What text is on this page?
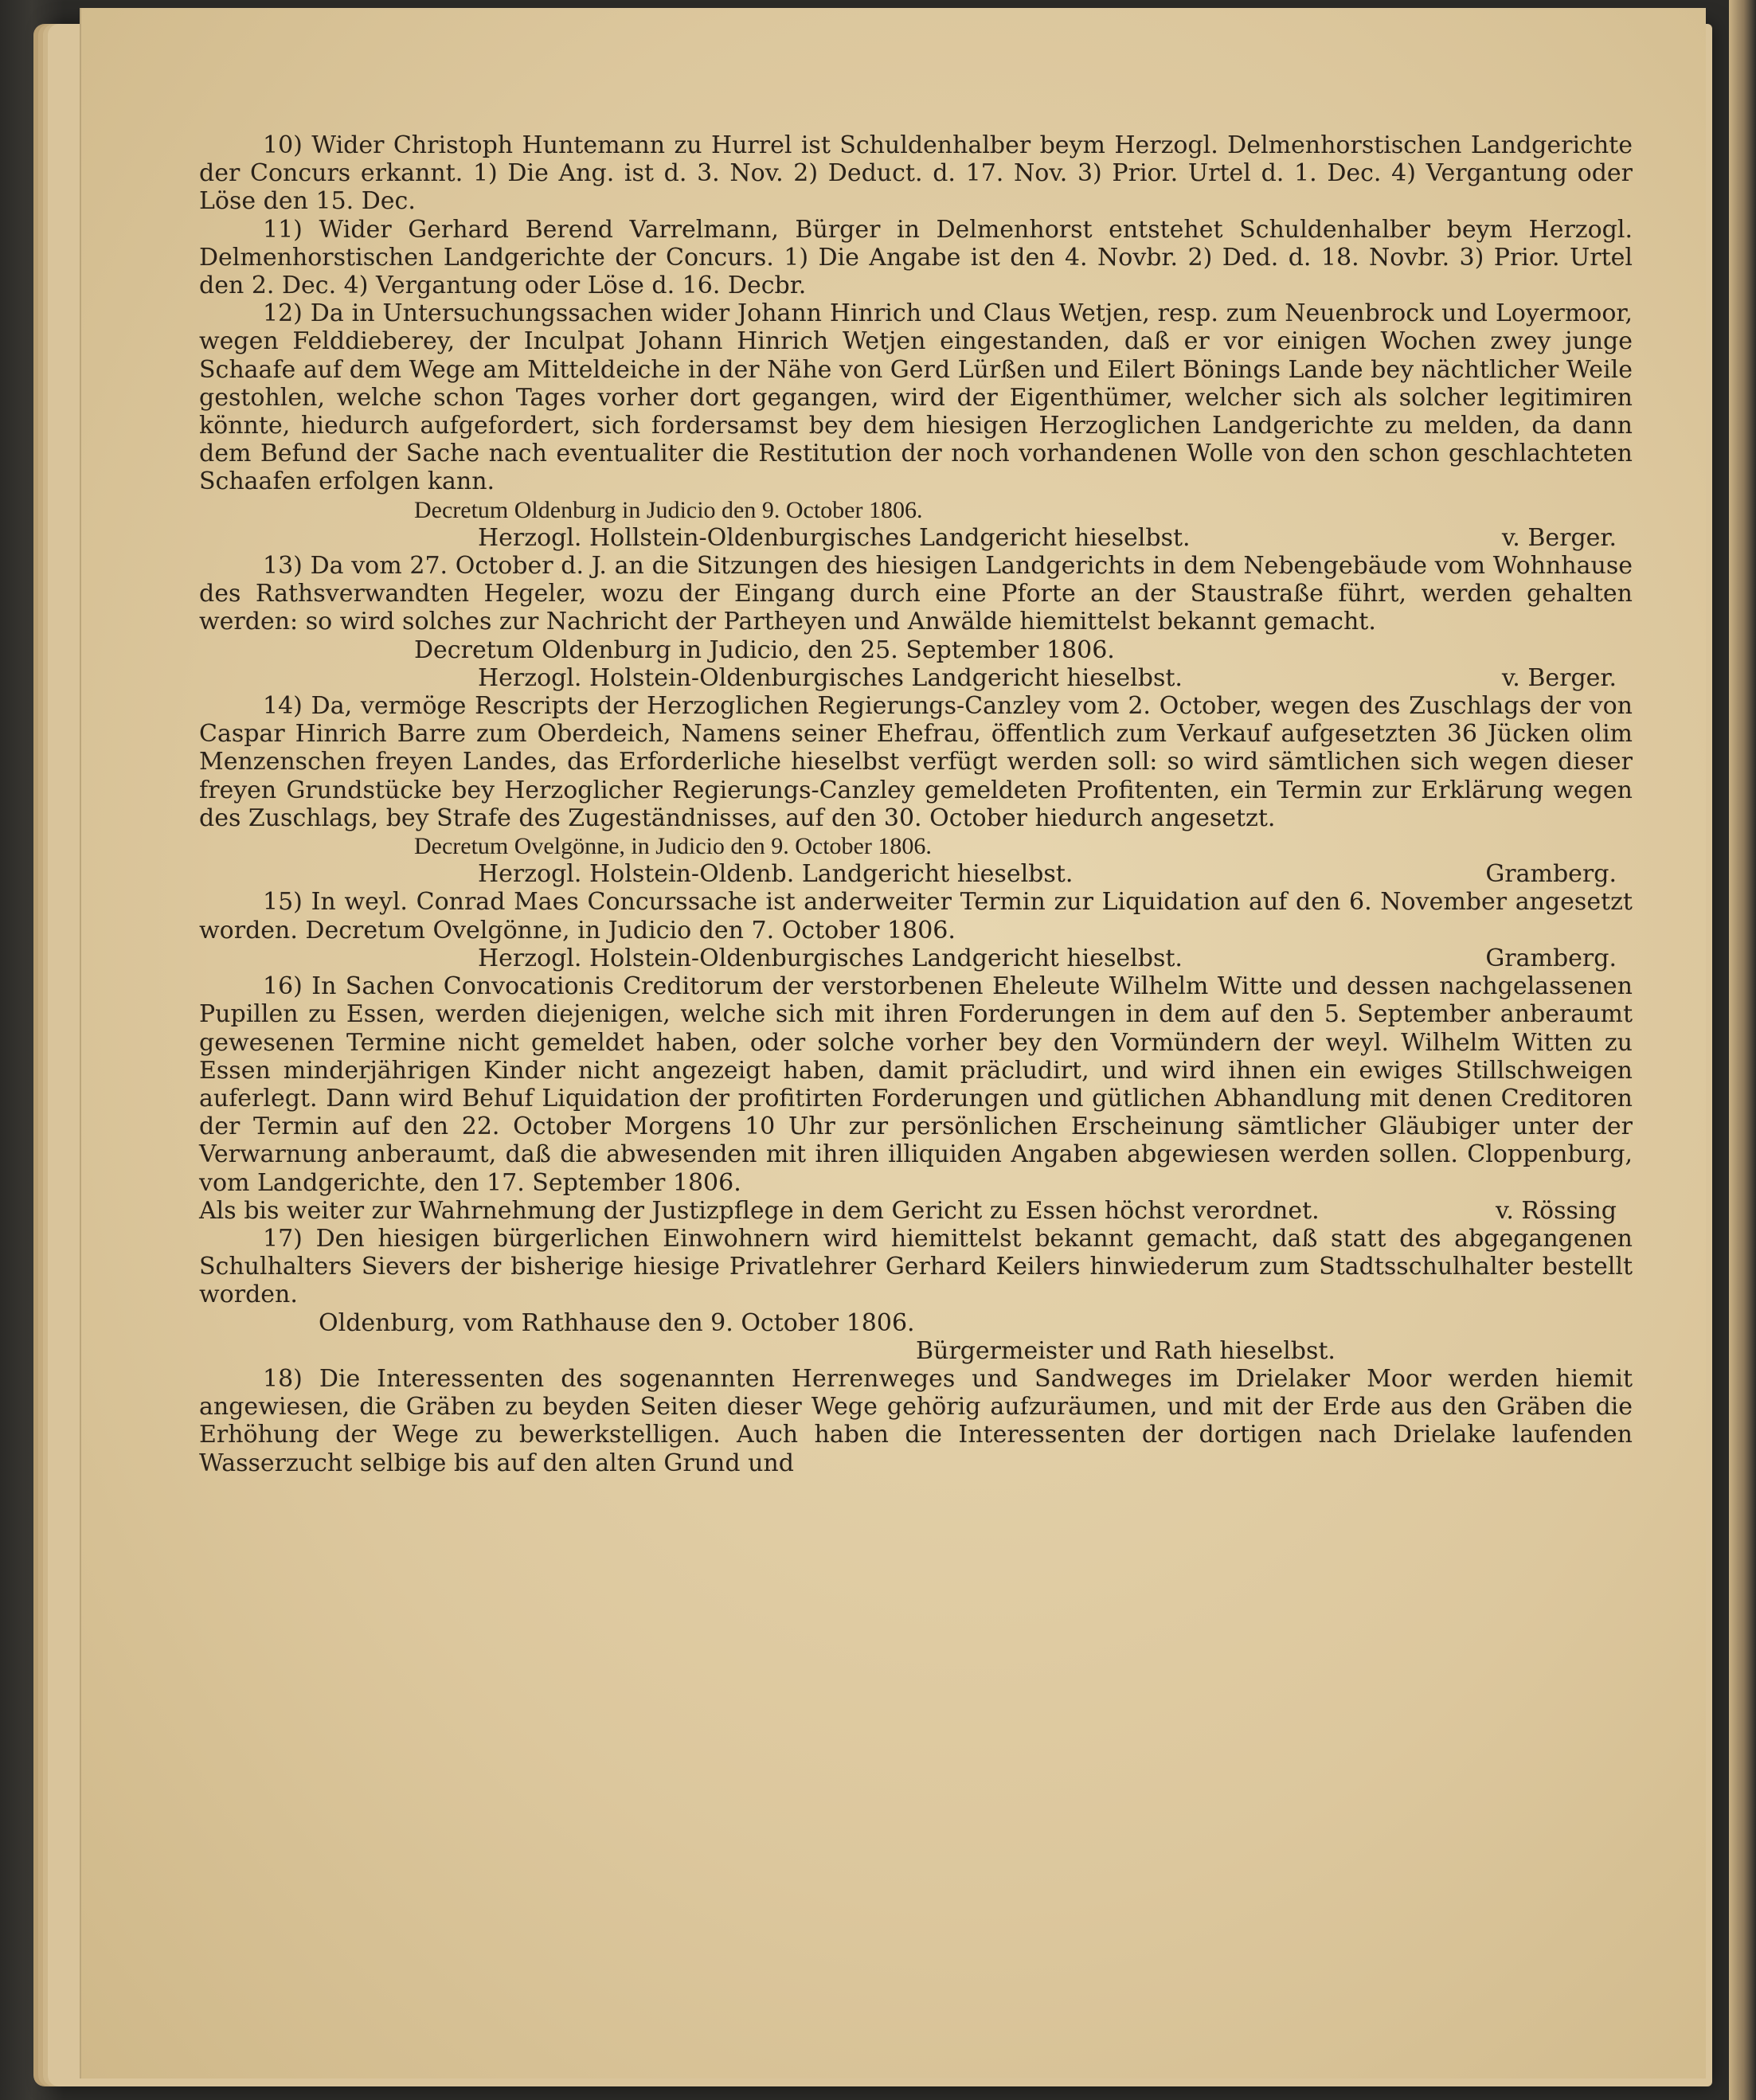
10) Wider Christoph Huntemann zu Hurrel ist Schuldenhalber beym Herzogl. Delmenhorstischen Landgerichte der Concurs erkannt. 1) Die Ang. ist d. 3. Nov. 2) Deduct. d. 17. Nov. 3) Prior. Urtel d. 1. Dec. 4) Vergantung oder Löse den 15. Dec.

11) Wider Gerhard Berend Varrelmann, Bürger in Delmenhorst entstehet Schuldenhalber beym Herzogl. Delmenhorstischen Landgerichte der Concurs. 1) Die Angabe ist den 4. Novbr. 2) Ded. d. 18. Novbr. 3) Prior. Urtel den 2. Dec. 4) Vergantung oder Löse d. 16. Decbr.

12) Da in Untersuchungssachen wider Johann Hinrich und Claus Wetjen, resp. zum Neuenbrock und Loyermoor, wegen Felddieberey, der Inculpat Johann Hinrich Wetjen eingestanden, daß er vor einigen Wochen zwey junge Schaafe auf dem Wege am Mitteldeiche in der Nähe von Gerd Lürßen und Eilert Bönings Lande bey nächtlicher Weile gestohlen, welche schon Tages vorher dort gegangen, wird der Eigenthümer, welcher sich als solcher legitimiren könnte, hiedurch aufgefordert, sich fordersamst bey dem hiesigen Herzoglichen Landgerichte zu melden, da dann dem Befund der Sache nach eventualiter die Restitution der noch vorhandenen Wolle von den schon geschlachteten Schaafen erfolgen kann.

Decretum Oldenburg in Judicio den 9. October 1806.

Herzogl. Hollstein-Oldenburgisches Landgericht hieselbst.	v. Berger.

13) Da vom 27. October d. J. an die Sitzungen des hiesigen Landgerichts in dem Nebengebäude vom Wohnhause des Rathsverwandten Hegeler, wozu der Eingang durch eine Pforte an der Staustraße führt, werden gehalten werden: so wird solches zur Nachricht der Partheyen und Anwälde hiemittelst bekannt gemacht.

Decretum Oldenburg in Judicio, den 25. September 1806.

Herzogl. Holstein-Oldenburgisches Landgericht hieselbst.	v. Berger.

14) Da, vermöge Rescripts der Herzoglichen Regierungs-Canzley vom 2. October, wegen des Zuschlags der von Caspar Hinrich Barre zum Oberdeich, Namens seiner Ehefrau, öffentlich zum Verkauf aufgesetzten 36 Jücken olim Menzenschen freyen Landes, das Erforderliche hieselbst verfügt werden soll: so wird sämtlichen sich wegen dieser freyen Grundstücke bey Herzoglicher Regierungs-Canzley gemeldeten Profitenten, ein Termin zur Erklärung wegen des Zuschlags, bey Strafe des Zugeständnisses, auf den 30. October hiedurch angesetzt.

Decretum Ovelgönne, in Judicio den 9. October 1806.

Herzogl. Holstein-Oldenb. Landgericht hieselbst.	Gramberg.

15) In weyl. Conrad Maes Concurssache ist anderweiter Termin zur Liquidation auf den 6. November angesetzt worden. Decretum Ovelgönne, in Judicio den 7. October 1806.

Herzogl. Holstein-Oldenburgisches Landgericht hieselbst.	Gramberg.

16) In Sachen Convocationis Creditorum der verstorbenen Eheleute Wilhelm Witte und dessen nachgelassenen Pupillen zu Essen, werden diejenigen, welche sich mit ihren Forderungen in dem auf den 5. September anberaumt gewesenen Termine nicht gemeldet haben, oder solche vorher bey den Vormündern der weyl. Wilhelm Witten zu Essen minderjährigen Kinder nicht angezeigt haben, damit präcludirt, und wird ihnen ein ewiges Stillschweigen auferlegt. Dann wird Behuf Liquidation der profitirten Forderungen und gütlichen Abhandlung mit denen Creditoren der Termin auf den 22. October Morgens 10 Uhr zur persönlichen Erscheinung sämtlicher Gläubiger unter der Verwarnung anberaumt, daß die abwesenden mit ihren illiquiden Angaben abgewiesen werden sollen. Cloppenburg, vom Landgerichte, den 17. September 1806.

Als bis weiter zur Wahrnehmung der Justizpflege in dem Gericht zu Essen höchst verordnet.	v. Rössing

17) Den hiesigen bürgerlichen Einwohnern wird hiemittelst bekannt gemacht, daß statt des abgegangenen Schulhalters Sievers der bisherige hiesige Privatlehrer Gerhard Keilers hinwiederum zum Stadtsschulhalter bestellt worden.

Oldenburg, vom Rathhause den 9. October 1806.

Bürgermeister und Rath hieselbst.

18) Die Interessenten des sogenannten Herrenweges und Sandweges im Drielaker Moor werden hiemit angewiesen, die Gräben zu beyden Seiten dieser Wege gehörig aufzuräumen, und mit der Erde aus den Gräben die Erhöhung der Wege zu bewerkstelligen. Auch haben die Interessenten der dortigen nach Drielake laufenden Wasserzucht selbige bis auf den alten Grund und
